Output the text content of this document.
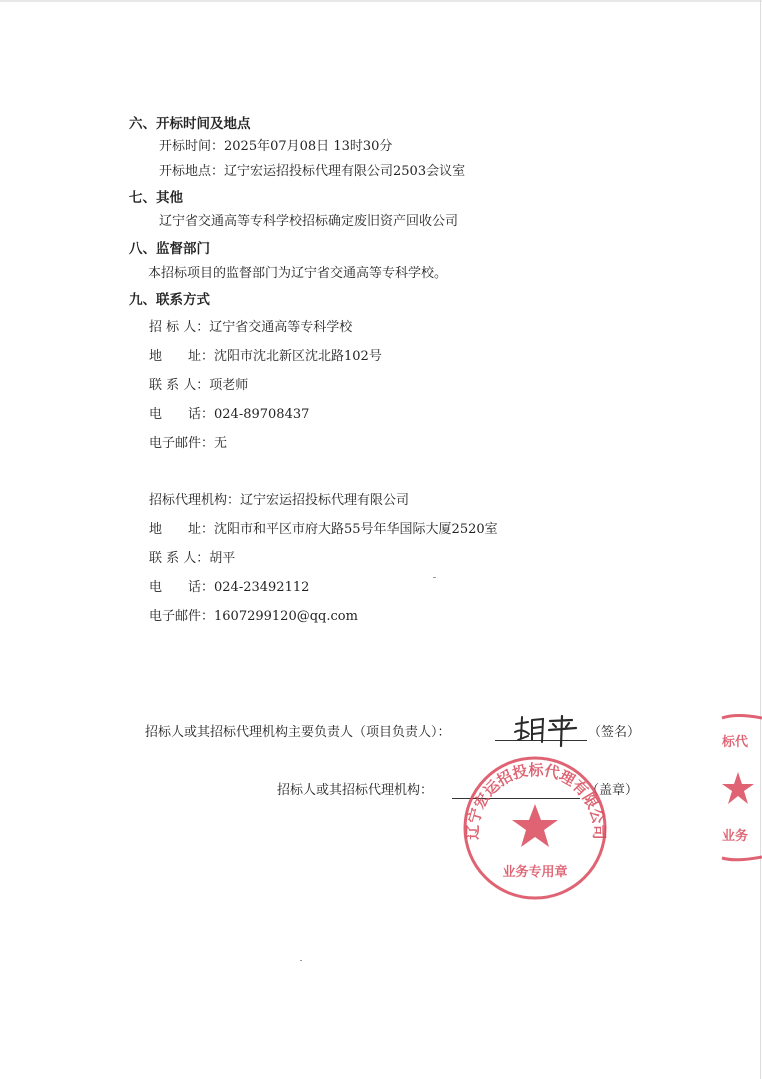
六、开标时间及地点
开标时间：2025年07月08日 13时30分
开标地点：辽宁宏运招投标代理有限公司2503会议室
七、其他
辽宁省交通高等专科学校招标确定废旧资产回收公司
八、监督部门
本招标项目的监督部门为辽宁省交通高等专科学校。
九、联系方式
招 标 人：辽宁省交通高等专科学校
地　　址：沈阳市沈北新区沈北路102号
联 系 人：项老师
电　　话：024-89708437
电子邮件：无
招标代理机构：辽宁宏运招投标代理有限公司
地　　址：沈阳市和平区市府大路55号年华国际大厦2520室
联 系 人：胡平
电　　话：024-23492112
电子邮件：1607299120@qq.com
招标人或其招标代理机构主要负责人（项目负责人）：	（签名）
招标人或其招标代理机构：	（盖章）
辽宁宏运招投标代理有限公司
业务专用章
标代
业务
